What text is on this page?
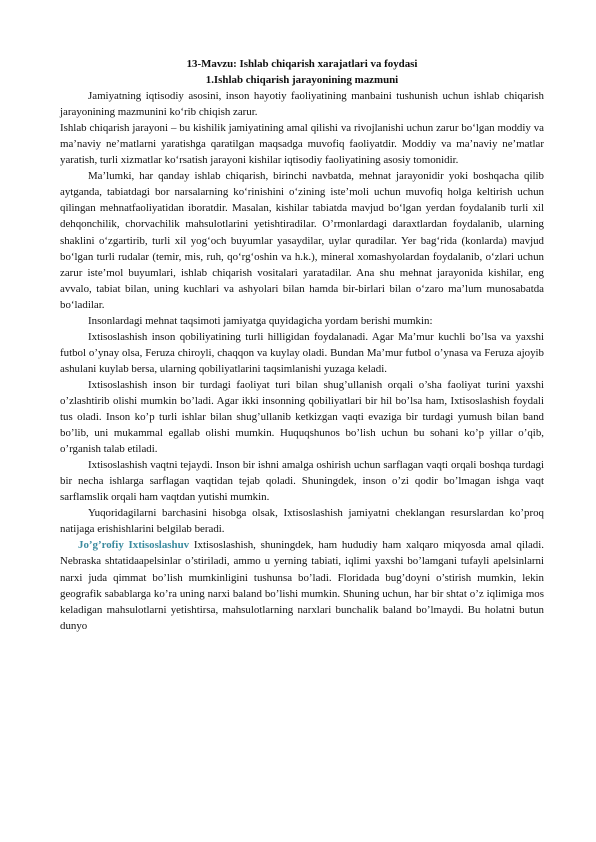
13-Mavzu: Ishlab chiqarish xarajatlari va foydasi

1.Ishlab chiqarish jarayonining mazmuni

Jamiyatning iqtisodiy asosini, inson hayotiy faoliyatining manbaini tushunish uchun ishlab chiqarish jarayonining mazmunini ko‘rib chiqish zarur.

Ishlab chiqarish jarayoni – bu kishilik jamiyatining amal qilishi va rivojlanishi uchun zarur bo‘lgan moddiy va ma’naviy ne’matlarni yaratishga qaratilgan maqsadga muvofiq faoliyatdir. Moddiy va ma’naviy ne’matlar yaratish, turli xizmatlar ko‘rsatish jarayoni kishilar iqtisodiy faoliyatining asosiy tomonidir.

Ma’lumki, har qanday ishlab chiqarish, birinchi navbatda, mehnat jarayonidir yoki boshqacha qilib aytganda, tabiatdagi bor narsalarning ko‘rinishini o‘zining iste’moli uchun muvofiq holga keltirish uchun qilingan mehnatfaoliyatidan iboratdir. Masalan, kishilar tabiatda mavjud bo‘lgan yerdan foydalanib turli xil dehqonchilik, chorvachilik mahsulotlarini yetishtiradilar. O’rmonlardagi daraxtlardan foydalanib, ularning shaklini o‘zgartirib, turli xil yog‘och buyumlar yasaydilar, uylar quradilar. Yer bag‘rida (konlarda) mavjud bo‘lgan turli rudalar (temir, mis, ruh, qo‘rg‘oshin va h.k.), mineral xomashyolardan foydalanib, o‘zlari uchun zarur iste’mol buyumlari, ishlab chiqarish vositalari yaratadilar. Ana shu mehnat jarayonida kishilar, eng avvalo, tabiat bilan, uning kuchlari va ashyolari bilan hamda bir-birlari bilan o‘zaro ma’lum munosabatda bo‘ladilar.

Insonlardagi mehnat taqsimoti jamiyatga quyidagicha yordam berishi mumkin:

Ixtisoslashish inson qobiliyatining turli hilligidan foydalanadi. Agar Ma’mur kuchli bo’lsa va yaxshi futbol o’ynay olsa, Feruza chiroyli, chaqqon va kuylay oladi. Bundan Ma’mur futbol o’ynasa va Feruza ajoyib ashulani kuylab bersa, ularning qobiliyatlarini taqsimlanishi yuzaga keladi.

Ixtisoslashish inson bir turdagi faoliyat turi bilan shug’ullanish orqali o’sha faoliyat turini yaxshi o’zlashtirib olishi mumkin bo’ladi. Agar ikki insonning qobiliyatlari bir hil bo’lsa ham, Ixtisoslashish foydali tus oladi. Inson ko’p turli ishlar bilan shug’ullanib ketkizgan vaqti evaziga bir turdagi yumush bilan band bo’lib, uni mukammal egallab olishi mumkin. Huquqshunos bo’lish uchun bu sohani ko’p yillar o’qib, o’rganish talab etiladi.

Ixtisoslashish vaqtni tejaydi. Inson bir ishni amalga oshirish uchun sarflagan vaqti orqali boshqa turdagi bir necha ishlarga sarflagan vaqtidan tejab qoladi. Shuningdek, inson o’zi qodir bo’lmagan ishga vaqt sarflamslik orqali ham vaqtdan yutishi mumkin.

Yuqoridagilarni barchasini hisobga olsak, Ixtisoslashish jamiyatni cheklangan resurslardan ko’proq natijaga erishishlarini belgilab beradi.

Jo’g’rofiy Ixtisoslashuv Ixtisoslashish, shuningdek, ham hududiy ham xalqaro miqyosda amal qiladi. Nebraska shtatidaapelsinlar o’stiriladi, ammo u yerning tabiati, iqlimi yaxshi bo’lamgani tufayli apelsinlarni narxi juda qimmat bo’lish mumkinligini tushunsa bo’ladi. Floridada bug’doyni o’stirish mumkin, lekin geografik sabablarga ko’ra uning narxi baland bo’lishi mumkin. Shuning uchun, har bir shtat o’z iqlimiga mos keladigan mahsulotlarni yetishtirsa, mahsulotlarning narxlari bunchalik baland bo’lmaydi. Bu holatni butun dunyo
